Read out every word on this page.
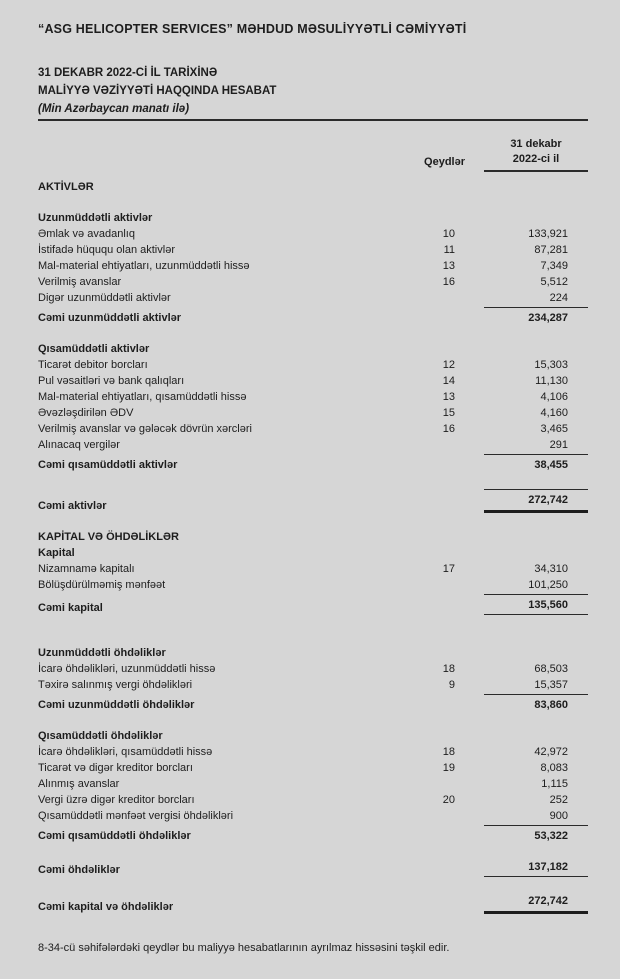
“ASG HELICOPTER SERVICES” MƏHDUD MƏSULİYYƏTLİ CƏMİYYƏTİ
31 DEKABR 2022-Cİ İL TARİXİNƏ
MALİYYƏ VƏZİYYƏTİ HAQQINDA HESABAT
(Min Azərbaycan manatı ilə)
Qeydlər
31 dekabr
2022-ci il
AKTİVLƏR
Uzunmüddətli aktivlər
Əmlak və avadanlıq	10	133,921
İstifadə hüququ olan aktivlər	11	87,281
Mal-material ehtiyatları, uzunmüddətli hissə	13	7,349
Verilmiş avanslar	16	5,512
Digər uzunmüddətli aktivlər	224
Cəmi uzunmüddətli aktivlər	234,287
Qısamüddətli aktivlər
Ticarət debitor borcları	12	15,303
Pul vəsaitləri və bank qalıqları	14	11,130
Mal-material ehtiyatları, qısamüddətli hissə	13	4,106
Əvəzləşdirilən ƏDV	15	4,160
Verilmiş avanslar və gələcək dövrün xərcləri	16	3,465
Alınacaq vergilər	291
Cəmi qısamüddətli aktivlər	38,455
Cəmi aktivlər	272,742
KAPİTAL VƏ ÖHDƏLİKLƏR
Kapital
Nizamnamə kapitalı	17	34,310
Bölüşdürülməmiş mənfəət	101,250
Cəmi kapital	135,560
Uzunmüddətli öhdəliklər
İcarə öhdəlikləri, uzunmüddətli hissə	18	68,503
Təxirə salınmış vergi öhdəlikləri	9	15,357
Cəmi uzunmüddətli öhdəliklər	83,860
Qısamüddətli öhdəliklər
İcarə öhdəlikləri, qısamüddətli hissə	18	42,972
Ticarət və digər kreditor borcları	19	8,083
Alınmış avanslar	1,115
Vergi üzrə digər kreditor borcları	20	252
Qısamüddətli mənfəət vergisi öhdəlikləri	900
Cəmi qısamüddətli öhdəliklər	53,322
Cəmi öhdəliklər	137,182
Cəmi kapital və öhdəliklər	272,742
8-34-cü səhifələrdəki qeydlər bu maliyyə hesabatlarının ayrılmaz hissəsini təşkil edir.
